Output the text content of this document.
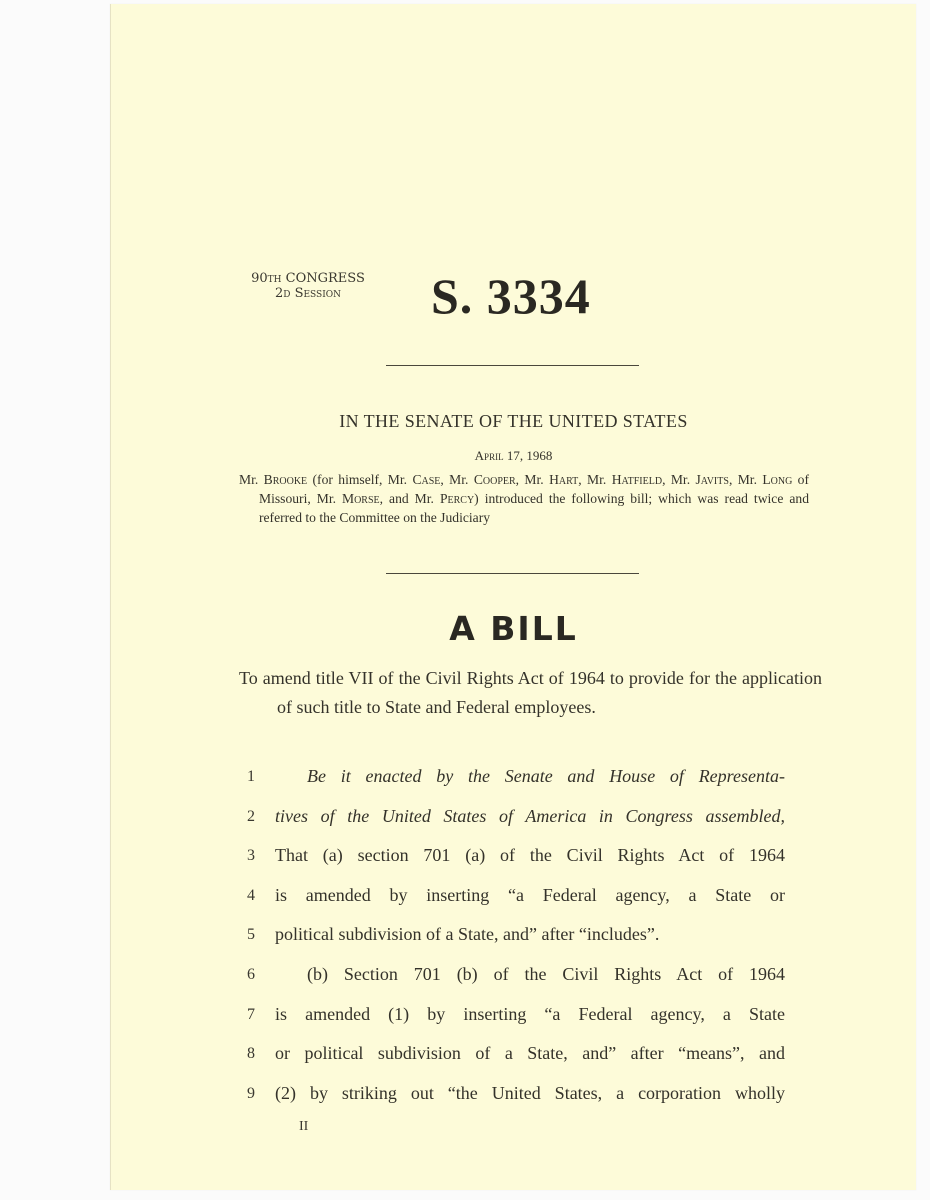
90th CONGRESS
2d Session	S. 3334
IN THE SENATE OF THE UNITED STATES
April 17, 1968
Mr. Brooke (for himself, Mr. Case, Mr. Cooper, Mr. Hart, Mr. Hatfield, Mr. Javits, Mr. Long of Missouri, Mr. Morse, and Mr. Percy) introduced the following bill; which was read twice and referred to the Committee on the Judiciary
A BILL
To amend title VII of the Civil Rights Act of 1964 to provide for the application of such title to State and Federal employees.
1	Be it enacted by the Senate and House of Representa-
2 tives of the United States of America in Congress assembled,
3 That (a) section 701 (a) of the Civil Rights Act of 1964
4 is amended by inserting “a Federal agency, a State or
5 political subdivision of a State, and” after “includes”.
6	(b) Section 701 (b) of the Civil Rights Act of 1964
7 is amended (1) by inserting “a Federal agency, a State
8 or political subdivision of a State, and” after “means”, and
9 (2) by striking out “the United States, a corporation wholly
II
